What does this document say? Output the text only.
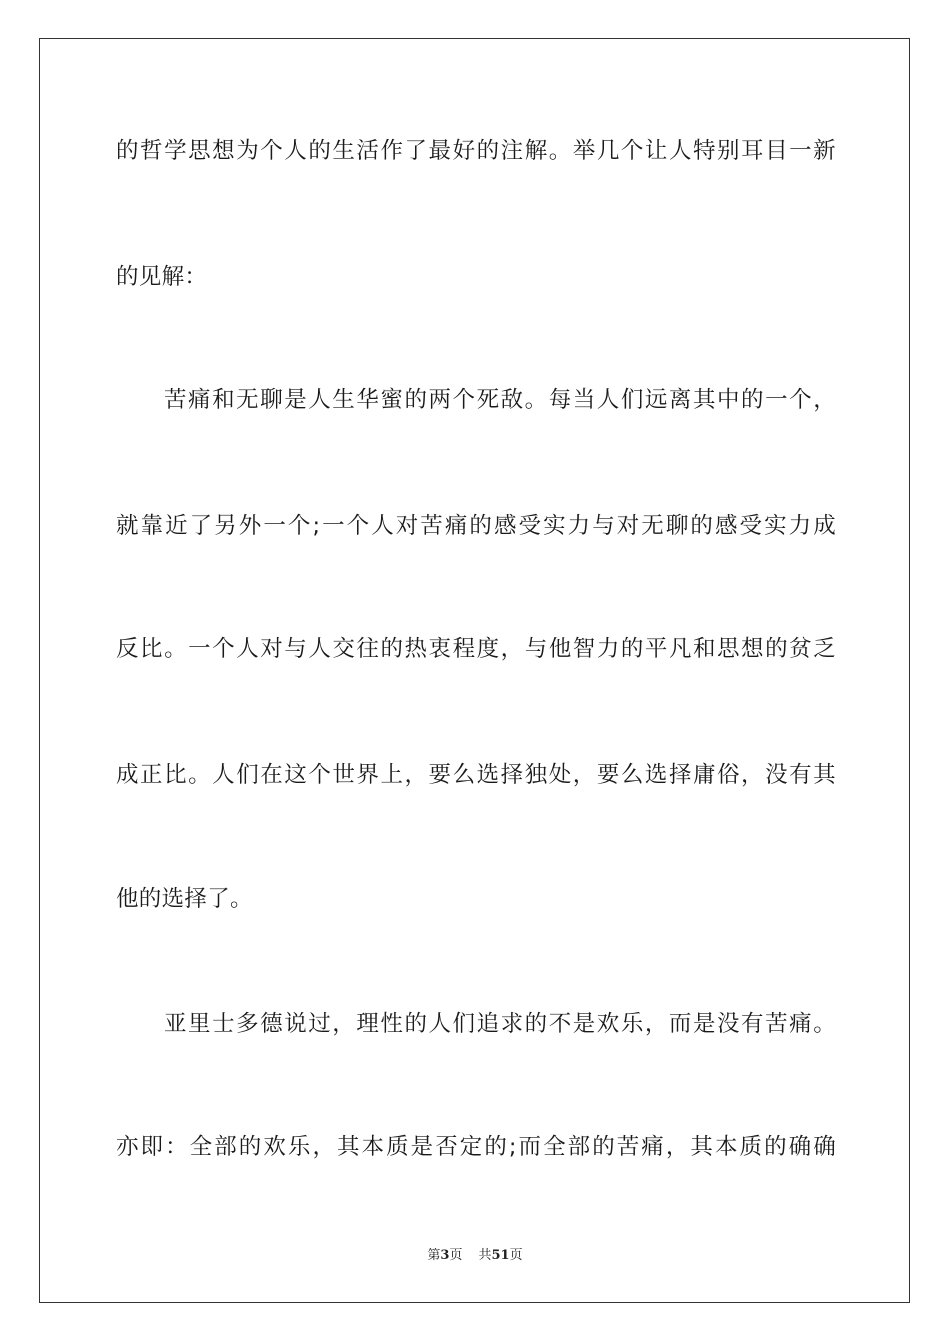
的哲学思想为个人的生活作了最好的注解。举几个让人特别耳目一新
的见解：
苦痛和无聊是人生华蜜的两个死敌。每当人们远离其中的一个，
就靠近了另外一个;一个人对苦痛的感受实力与对无聊的感受实力成
反比。一个人对与人交往的热衷程度，与他智力的平凡和思想的贫乏
成正比。人们在这个世界上，要么选择独处，要么选择庸俗，没有其
他的选择了。
亚里士多德说过，理性的人们追求的不是欢乐，而是没有苦痛。
亦即：全部的欢乐，其本质是否定的;而全部的苦痛，其本质的确确
第3页 共51页
